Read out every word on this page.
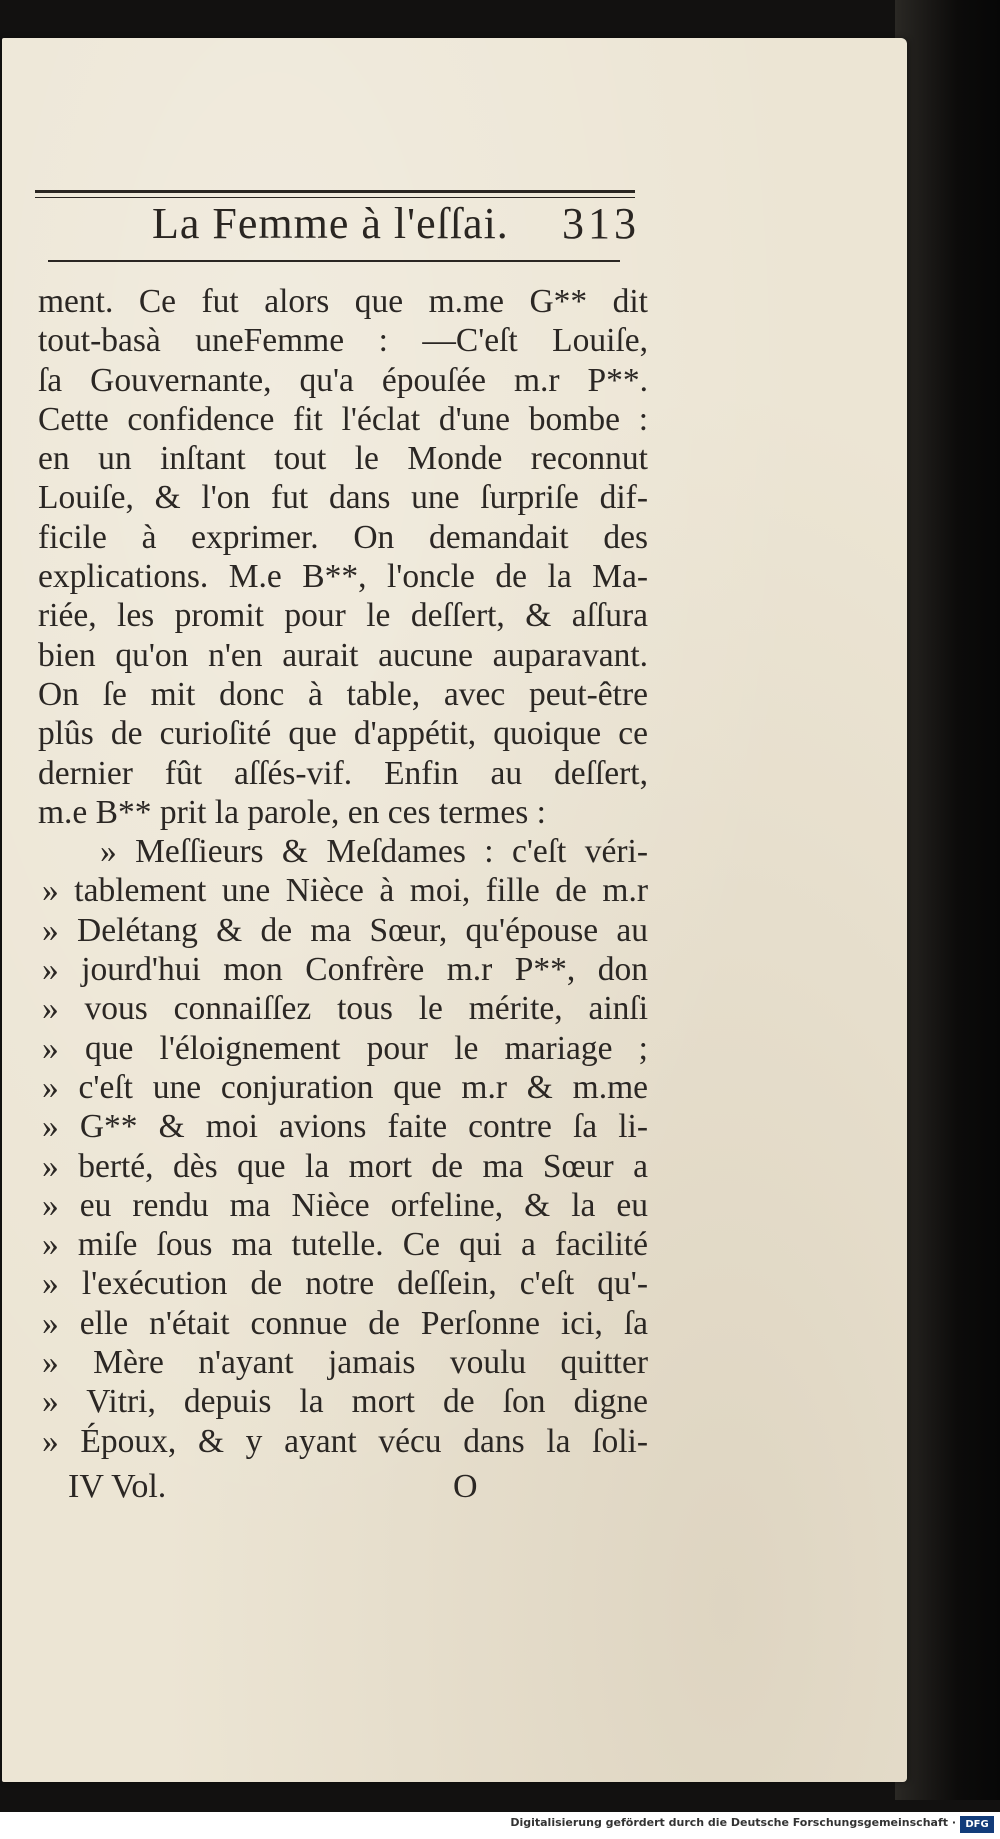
La Femme à l'eſſai. 313
ment. Ce fut alors que m.me G** dit
tout-basà uneFemme : —C'eſt Louiſe,
ſa Gouvernante, qu'a épouſée m.r P**.
Cette confidence fit l'éclat d'une bombe :
en un inſtant tout le Monde reconnut
Louiſe, & l'on fut dans une ſurpriſe dif-
ficile à exprimer. On demandait des
explications. M.e B**, l'oncle de la Ma-
riée, les promit pour le deſſert, & aſſura
bien qu'on n'en aurait aucune auparavant.
On ſe mit donc à table, avec peut-être
plûs de curioſité que d'appétit, quoique ce
dernier fût aſſés-vif. Enfin au deſſert,
m.e B** prit la parole, en ces termes :
» Meſſieurs & Meſdames : c'eſt véri-
» tablement une Nièce à moi, fille de m.r
» Delétang & de ma Sœur, qu'épouse au
» jourd'hui mon Confrère m.r P**, don
» vous connaiſſez tous le mérite, ainſi
» que l'éloignement pour le mariage ;
» c'eſt une conjuration que m.r & m.me
» G** & moi avions faite contre ſa li-
» berté, dès que la mort de ma Sœur a
» eu rendu ma Nièce orfeline, & la eu
» miſe ſous ma tutelle. Ce qui a facilité
» l'exécution de notre deſſein, c'eſt qu'-
» elle n'était connue de Perſonne ici, ſa
» Mère n'ayant jamais voulu quitter
» Vitri, depuis la mort de ſon digne
» Époux, & y ayant vécu dans la ſoli-
IV Vol.	O
Digitalisierung gefördert durch die Deutsche Forschungsgemeinschaft · DFG
